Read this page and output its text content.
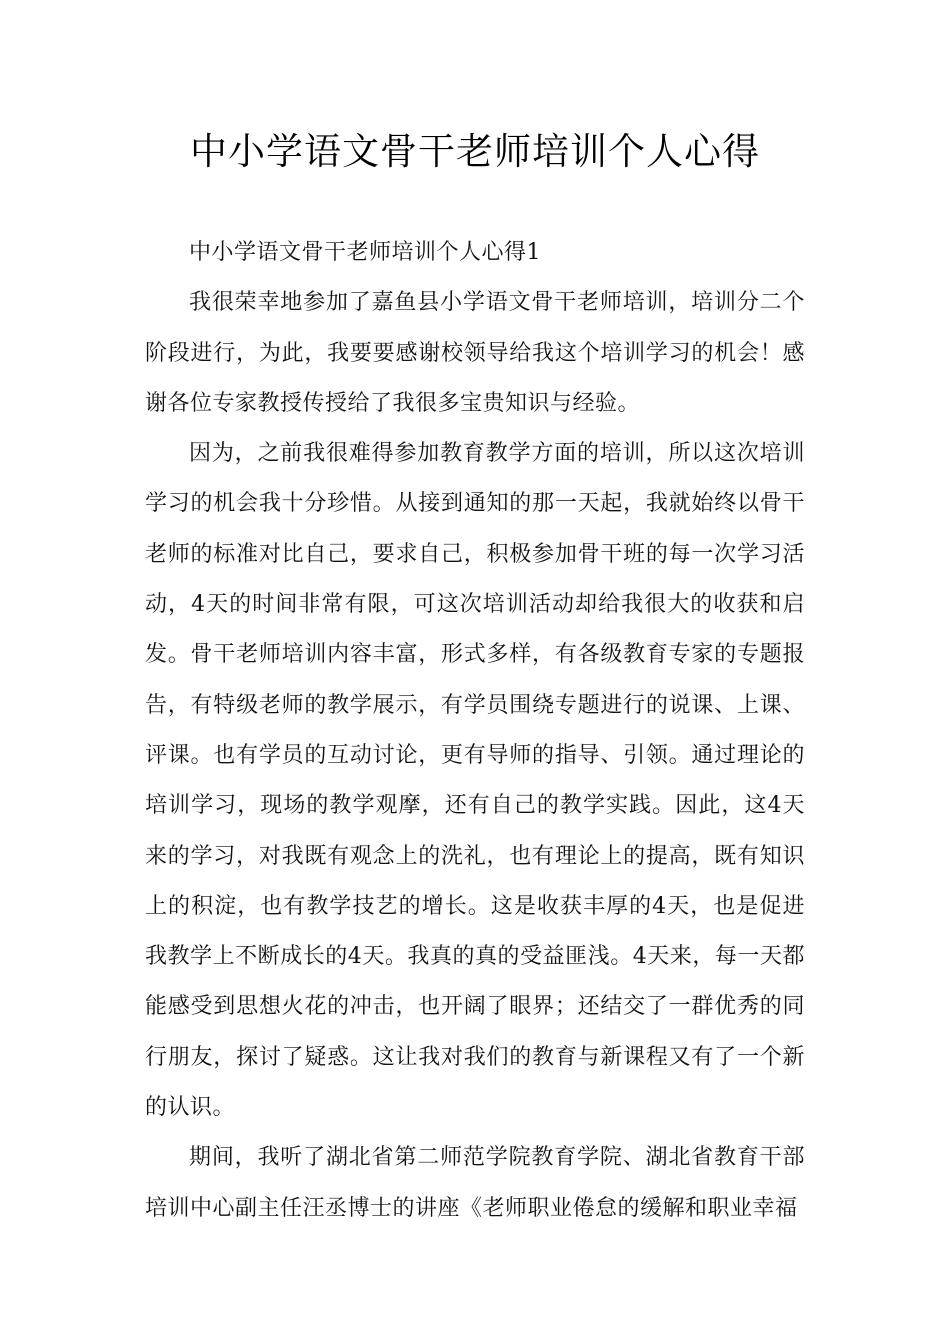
中小学语文骨干老师培训个人心得

中小学语文骨干老师培训个人心得1

我很荣幸地参加了嘉鱼县小学语文骨干老师培训，培训分二个阶段进行，为此，我要要感谢校领导给我这个培训学习的机会！感谢各位专家教授传授给了我很多宝贵知识与经验。

因为，之前我很难得参加教育教学方面的培训，所以这次培训学习的机会我十分珍惜。从接到通知的那一天起，我就始终以骨干老师的标准对比自己，要求自己，积极参加骨干班的每一次学习活动，4天的时间非常有限，可这次培训活动却给我很大的收获和启发。骨干老师培训内容丰富，形式多样，有各级教育专家的专题报告，有特级老师的教学展示，有学员围绕专题进行的说课、上课、评课。也有学员的互动讨论，更有导师的指导、引领。通过理论的培训学习，现场的教学观摩，还有自己的教学实践。因此，这4天来的学习，对我既有观念上的洗礼，也有理论上的提高，既有知识上的积淀，也有教学技艺的增长。这是收获丰厚的4天，也是促进我教学上不断成长的4天。我真的真的受益匪浅。4天来，每一天都能感受到思想火花的冲击，也开阔了眼界；还结交了一群优秀的同行朋友，探讨了疑惑。这让我对我们的教育与新课程又有了一个新的认识。

期间，我听了湖北省第二师范学院教育学院、湖北省教育干部培训中心副主任汪丞博士的讲座《老师职业倦怠的缓解和职业幸福
